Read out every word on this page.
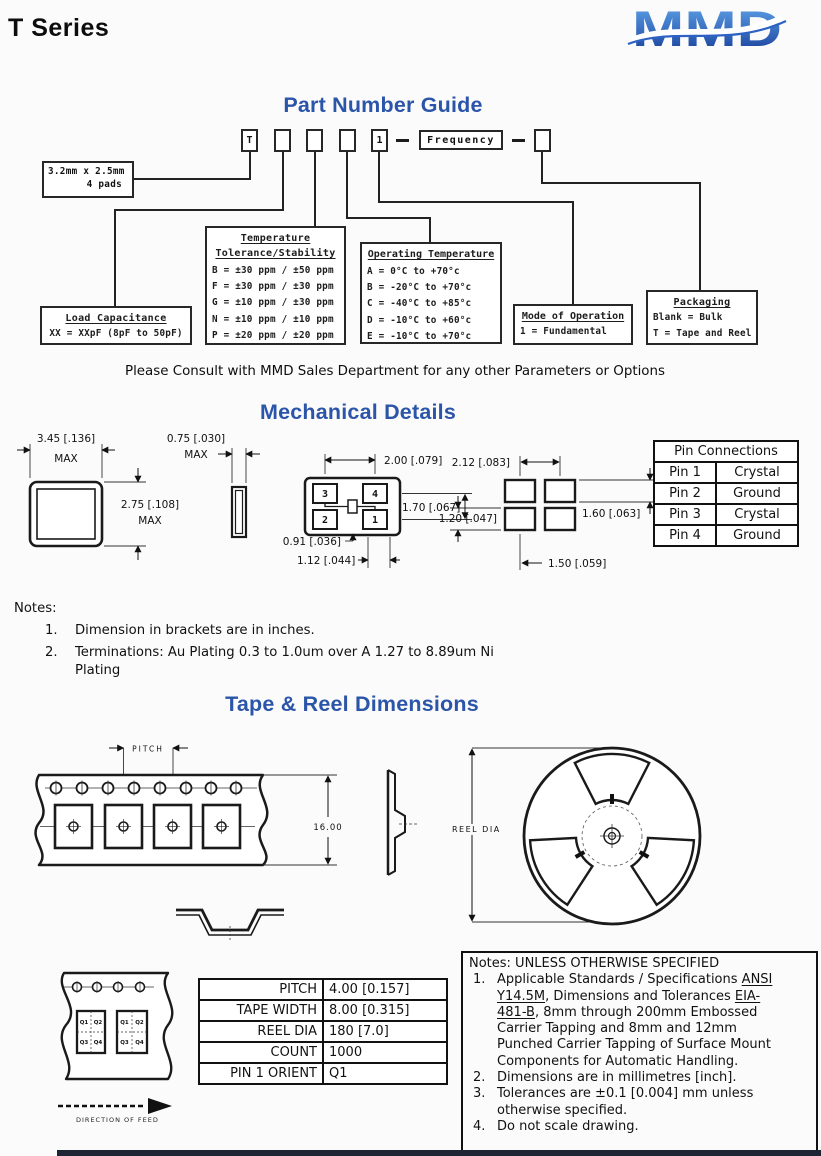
T Series	MMD
Part Number Guide
T	1	Frequency
3.2mm x 2.5mm
4 pads
Load Capacitance
XX = XXpF (8pF to 50pF)
Temperature
Tolerance/Stability
B = ±30 ppm / ±50 ppm
F = ±30 ppm / ±30 ppm
G = ±10 ppm / ±30 ppm
N = ±10 ppm / ±10 ppm
P = ±20 ppm / ±20 ppm
Operating Temperature
A = 0°C to +70°c
B = -20°C to +70°c
C = -40°C to +85°c
D = -10°C to +60°c
E = -10°C to +70°c
Mode of Operation
1 = Fundamental
Packaging
Blank = Bulk
T = Tape and Reel
Please Consult with MMD Sales Department for any other Parameters or Options
Mechanical Details
3	4
2	1
3.45 [.136]
MAX
2.75 [.108]
MAX
0.75 [.030]
MAX	2.00 [.079] 2.12 [.083]
1.70 [.067]
1.20 [.047]	1.60 [.063]
0.91 [.036]
1.12 [.044]	1.50 [.059]
Pin Connections	
Pin 1	Crystal
Pin 2	Ground
Pin 3	Crystal
Pin 4	Ground
Notes:
1.	Dimension in brackets are in inches.
2.	Terminations: Au Plating 0.3 to 1.0um over A 1.27 to 8.89um Ni Plating
Tape & Reel Dimensions
PITCH
16.00	REEL DIA
Q1 Q2
Q3 Q4
Q1 Q2
Q3 Q4
DIRECTION OF FEED
PITCH	4.00 [0.157]
TAPE WIDTH	8.00 [0.315]
REEL DIA	180 [7.0]
COUNT	1000
PIN 1 ORIENT	Q1
Notes: UNLESS OTHERWISE SPECIFIED
1. Applicable Standards / Specifications ANSI Y14.5M, Dimensions and Tolerances EIA-481-B, 8mm through 200mm Embossed Carrier Tapping and 8mm and 12mm Punched Carrier Tapping of Surface Mount Components for Automatic Handling.
2. Dimensions are in millimetres [inch].
3. Tolerances are ±0.1 [0.004] mm unless otherwise specified.
4. Do not scale drawing.
